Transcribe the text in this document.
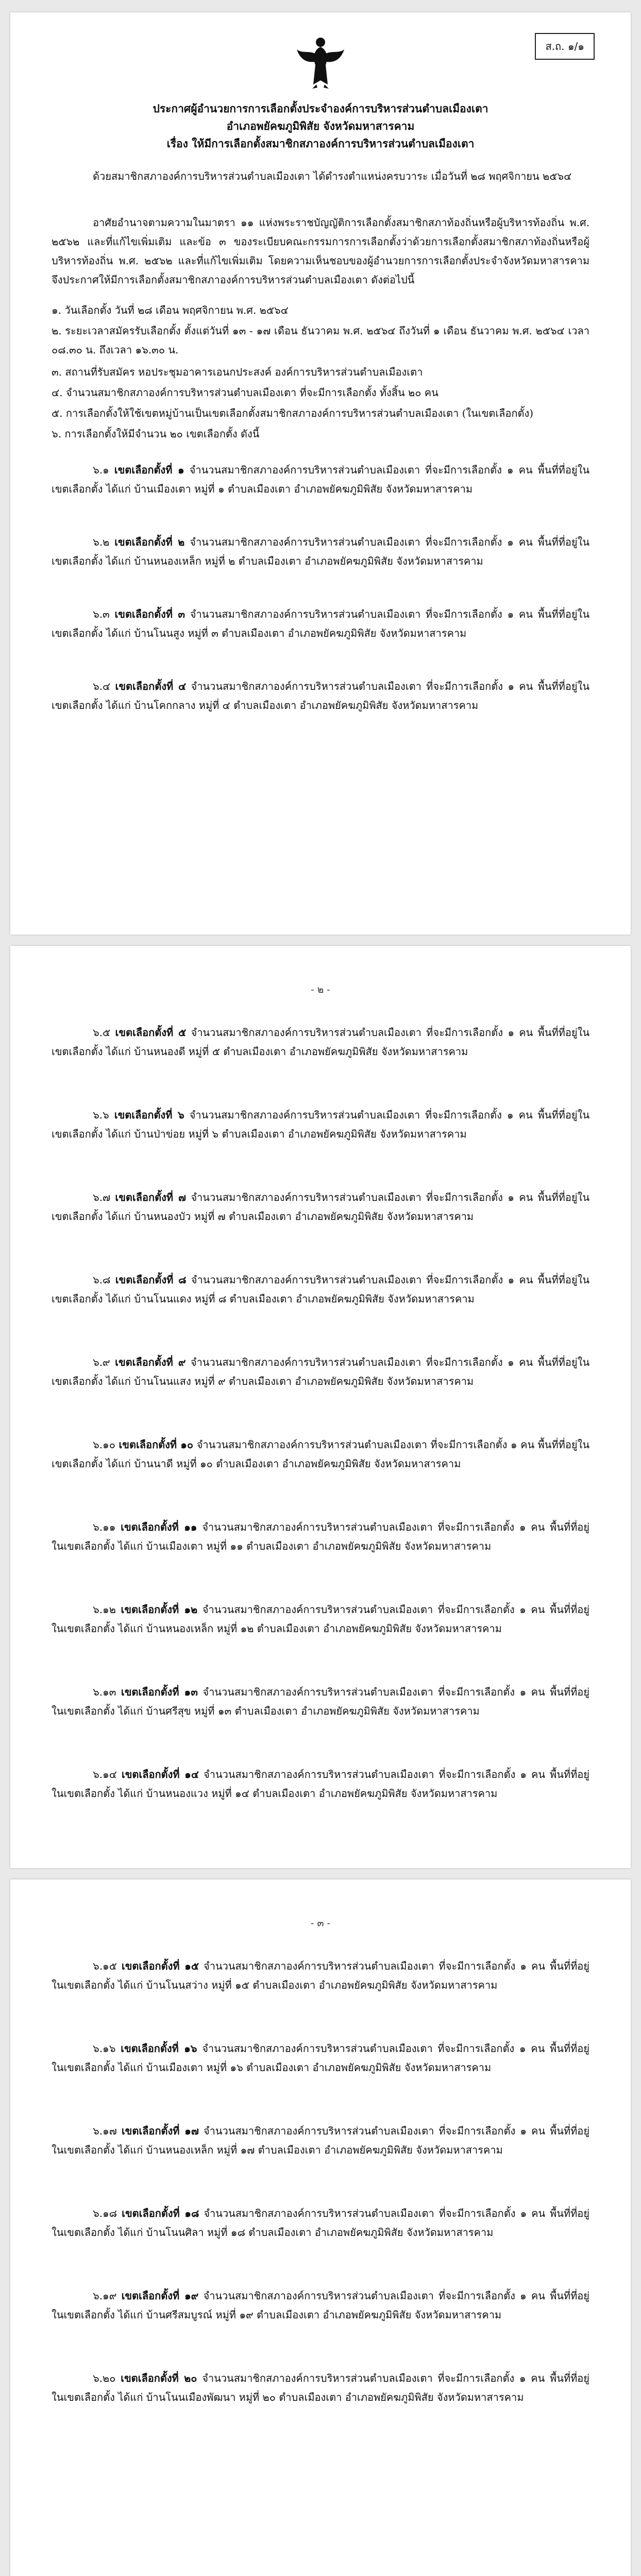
ส.ถ. ๑/๑
ประกาศผู้อำนวยการการเลือกตั้งประจำองค์การบริหารส่วนตำบลเมืองเตา
อำเภอพยัคฆภูมิพิสัย จังหวัดมหาสารคาม
เรื่อง ให้มีการเลือกตั้งสมาชิกสภาองค์การบริหารส่วนตำบลเมืองเตา
ด้วยสมาชิกสภาองค์การบริหารส่วนตำบลเมืองเตา ได้ดำรงตำแหน่งครบวาระ เมื่อวันที่ ๒๘ พฤศจิกายน ๒๕๖๔
อาศัยอำนาจตามความในมาตรา ๑๑ แห่งพระราชบัญญัติการเลือกตั้งสมาชิกสภาท้องถิ่นหรือผู้บริหารท้องถิ่น พ.ศ. ๒๕๖๒ และที่แก้ไขเพิ่มเติม และข้อ ๓ ของระเบียบคณะกรรมการการเลือกตั้งว่าด้วยการเลือกตั้งสมาชิกสภาท้องถิ่นหรือผู้บริหารท้องถิ่น พ.ศ. ๒๕๖๒ และที่แก้ไขเพิ่มเติม โดยความเห็นชอบของผู้อำนวยการการเลือกตั้งประจำจังหวัดมหาสารคาม จึงประกาศให้มีการเลือกตั้งสมาชิกสภาองค์การบริหารส่วนตำบลเมืองเตา ดังต่อไปนี้
๑. วันเลือกตั้ง วันที่ ๒๘ เดือน พฤศจิกายน พ.ศ. ๒๕๖๔
๒. ระยะเวลาสมัครรับเลือกตั้ง ตั้งแต่วันที่ ๑๓ - ๑๗ เดือน ธันวาคม พ.ศ. ๒๕๖๔ ถึงวันที่ ๑ เดือน ธันวาคม พ.ศ. ๒๕๖๔ เวลา ๐๘.๓๐ น. ถึงเวลา ๑๖.๓๐ น.
๓. สถานที่รับสมัคร หอประชุมอาคารเอนกประสงค์ องค์การบริหารส่วนตำบลเมืองเตา
๔. จำนวนสมาชิกสภาองค์การบริหารส่วนตำบลเมืองเตา ที่จะมีการเลือกตั้ง ทั้งสิ้น ๒๐ คน
๕. การเลือกตั้งให้ใช้เขตหมู่บ้านเป็นเขตเลือกตั้งสมาชิกสภาองค์การบริหารส่วนตำบลเมืองเตา (ในเขตเลือกตั้ง)
๖. การเลือกตั้งให้มีจำนวน ๒๐ เขตเลือกตั้ง ดังนี้
๖.๑ เขตเลือกตั้งที่ ๑ จำนวนสมาชิกสภาองค์การบริหารส่วนตำบลเมืองเตา ที่จะมีการเลือกตั้ง ๑ คน พื้นที่ที่อยู่ในเขตเลือกตั้ง ได้แก่ บ้านเมืองเตา หมู่ที่ ๑ ตำบลเมืองเตา อำเภอพยัคฆภูมิพิสัย จังหวัดมหาสารคาม
๖.๒ เขตเลือกตั้งที่ ๒ จำนวนสมาชิกสภาองค์การบริหารส่วนตำบลเมืองเตา ที่จะมีการเลือกตั้ง ๑ คน พื้นที่ที่อยู่ในเขตเลือกตั้ง ได้แก่ บ้านหนองเหล็ก หมู่ที่ ๒ ตำบลเมืองเตา อำเภอพยัคฆภูมิพิสัย จังหวัดมหาสารคาม
๖.๓ เขตเลือกตั้งที่ ๓ จำนวนสมาชิกสภาองค์การบริหารส่วนตำบลเมืองเตา ที่จะมีการเลือกตั้ง ๑ คน พื้นที่ที่อยู่ในเขตเลือกตั้ง ได้แก่ บ้านโนนสูง หมู่ที่ ๓ ตำบลเมืองเตา อำเภอพยัคฆภูมิพิสัย จังหวัดมหาสารคาม
๖.๔ เขตเลือกตั้งที่ ๔ จำนวนสมาชิกสภาองค์การบริหารส่วนตำบลเมืองเตา ที่จะมีการเลือกตั้ง ๑ คน พื้นที่ที่อยู่ในเขตเลือกตั้ง ได้แก่ บ้านโคกกลาง หมู่ที่ ๔ ตำบลเมืองเตา อำเภอพยัคฆภูมิพิสัย จังหวัดมหาสารคาม
- ๒ -
๖.๕ เขตเลือกตั้งที่ ๕ จำนวนสมาชิกสภาองค์การบริหารส่วนตำบลเมืองเตา ที่จะมีการเลือกตั้ง ๑ คน พื้นที่ที่อยู่ในเขตเลือกตั้ง ได้แก่ บ้านหนองดี หมู่ที่ ๕ ตำบลเมืองเตา อำเภอพยัคฆภูมิพิสัย จังหวัดมหาสารคาม
๖.๖ เขตเลือกตั้งที่ ๖ จำนวนสมาชิกสภาองค์การบริหารส่วนตำบลเมืองเตา ที่จะมีการเลือกตั้ง ๑ คน พื้นที่ที่อยู่ในเขตเลือกตั้ง ได้แก่ บ้านป่าข่อย หมู่ที่ ๖ ตำบลเมืองเตา อำเภอพยัคฆภูมิพิสัย จังหวัดมหาสารคาม
๖.๗ เขตเลือกตั้งที่ ๗ จำนวนสมาชิกสภาองค์การบริหารส่วนตำบลเมืองเตา ที่จะมีการเลือกตั้ง ๑ คน พื้นที่ที่อยู่ในเขตเลือกตั้ง ได้แก่ บ้านหนองบัว หมู่ที่ ๗ ตำบลเมืองเตา อำเภอพยัคฆภูมิพิสัย จังหวัดมหาสารคาม
๖.๘ เขตเลือกตั้งที่ ๘ จำนวนสมาชิกสภาองค์การบริหารส่วนตำบลเมืองเตา ที่จะมีการเลือกตั้ง ๑ คน พื้นที่ที่อยู่ในเขตเลือกตั้ง ได้แก่ บ้านโนนแดง หมู่ที่ ๘ ตำบลเมืองเตา อำเภอพยัคฆภูมิพิสัย จังหวัดมหาสารคาม
๖.๙ เขตเลือกตั้งที่ ๙ จำนวนสมาชิกสภาองค์การบริหารส่วนตำบลเมืองเตา ที่จะมีการเลือกตั้ง ๑ คน พื้นที่ที่อยู่ในเขตเลือกตั้ง ได้แก่ บ้านโนนแสง หมู่ที่ ๙ ตำบลเมืองเตา อำเภอพยัคฆภูมิพิสัย จังหวัดมหาสารคาม
๖.๑๐ เขตเลือกตั้งที่ ๑๐ จำนวนสมาชิกสภาองค์การบริหารส่วนตำบลเมืองเตา ที่จะมีการเลือกตั้ง ๑ คน พื้นที่ที่อยู่ในเขตเลือกตั้ง ได้แก่ บ้านนาดี หมู่ที่ ๑๐ ตำบลเมืองเตา อำเภอพยัคฆภูมิพิสัย จังหวัดมหาสารคาม
๖.๑๑ เขตเลือกตั้งที่ ๑๑ จำนวนสมาชิกสภาองค์การบริหารส่วนตำบลเมืองเตา ที่จะมีการเลือกตั้ง ๑ คน พื้นที่ที่อยู่ในเขตเลือกตั้ง ได้แก่ บ้านเมืองเตา หมู่ที่ ๑๑ ตำบลเมืองเตา อำเภอพยัคฆภูมิพิสัย จังหวัดมหาสารคาม
๖.๑๒ เขตเลือกตั้งที่ ๑๒ จำนวนสมาชิกสภาองค์การบริหารส่วนตำบลเมืองเตา ที่จะมีการเลือกตั้ง ๑ คน พื้นที่ที่อยู่ในเขตเลือกตั้ง ได้แก่ บ้านหนองเหล็ก หมู่ที่ ๑๒ ตำบลเมืองเตา อำเภอพยัคฆภูมิพิสัย จังหวัดมหาสารคาม
๖.๑๓ เขตเลือกตั้งที่ ๑๓ จำนวนสมาชิกสภาองค์การบริหารส่วนตำบลเมืองเตา ที่จะมีการเลือกตั้ง ๑ คน พื้นที่ที่อยู่ในเขตเลือกตั้ง ได้แก่ บ้านศรีสุข หมู่ที่ ๑๓ ตำบลเมืองเตา อำเภอพยัคฆภูมิพิสัย จังหวัดมหาสารคาม
๖.๑๔ เขตเลือกตั้งที่ ๑๔ จำนวนสมาชิกสภาองค์การบริหารส่วนตำบลเมืองเตา ที่จะมีการเลือกตั้ง ๑ คน พื้นที่ที่อยู่ในเขตเลือกตั้ง ได้แก่ บ้านหนองแวง หมู่ที่ ๑๔ ตำบลเมืองเตา อำเภอพยัคฆภูมิพิสัย จังหวัดมหาสารคาม
- ๓ -
๖.๑๕ เขตเลือกตั้งที่ ๑๕ จำนวนสมาชิกสภาองค์การบริหารส่วนตำบลเมืองเตา ที่จะมีการเลือกตั้ง ๑ คน พื้นที่ที่อยู่ในเขตเลือกตั้ง ได้แก่ บ้านโนนสว่าง หมู่ที่ ๑๕ ตำบลเมืองเตา อำเภอพยัคฆภูมิพิสัย จังหวัดมหาสารคาม
๖.๑๖ เขตเลือกตั้งที่ ๑๖ จำนวนสมาชิกสภาองค์การบริหารส่วนตำบลเมืองเตา ที่จะมีการเลือกตั้ง ๑ คน พื้นที่ที่อยู่ในเขตเลือกตั้ง ได้แก่ บ้านเมืองเตา หมู่ที่ ๑๖ ตำบลเมืองเตา อำเภอพยัคฆภูมิพิสัย จังหวัดมหาสารคาม
๖.๑๗ เขตเลือกตั้งที่ ๑๗ จำนวนสมาชิกสภาองค์การบริหารส่วนตำบลเมืองเตา ที่จะมีการเลือกตั้ง ๑ คน พื้นที่ที่อยู่ในเขตเลือกตั้ง ได้แก่ บ้านหนองเหล็ก หมู่ที่ ๑๗ ตำบลเมืองเตา อำเภอพยัคฆภูมิพิสัย จังหวัดมหาสารคาม
๖.๑๘ เขตเลือกตั้งที่ ๑๘ จำนวนสมาชิกสภาองค์การบริหารส่วนตำบลเมืองเตา ที่จะมีการเลือกตั้ง ๑ คน พื้นที่ที่อยู่ในเขตเลือกตั้ง ได้แก่ บ้านโนนศิลา หมู่ที่ ๑๘ ตำบลเมืองเตา อำเภอพยัคฆภูมิพิสัย จังหวัดมหาสารคาม
๖.๑๙ เขตเลือกตั้งที่ ๑๙ จำนวนสมาชิกสภาองค์การบริหารส่วนตำบลเมืองเตา ที่จะมีการเลือกตั้ง ๑ คน พื้นที่ที่อยู่ในเขตเลือกตั้ง ได้แก่ บ้านศรีสมบูรณ์ หมู่ที่ ๑๙ ตำบลเมืองเตา อำเภอพยัคฆภูมิพิสัย จังหวัดมหาสารคาม
๖.๒๐ เขตเลือกตั้งที่ ๒๐ จำนวนสมาชิกสภาองค์การบริหารส่วนตำบลเมืองเตา ที่จะมีการเลือกตั้ง ๑ คน พื้นที่ที่อยู่ในเขตเลือกตั้ง ได้แก่ บ้านโนนเมืองพัฒนา หมู่ที่ ๒๐ ตำบลเมืองเตา อำเภอพยัคฆภูมิพิสัย จังหวัดมหาสารคาม
